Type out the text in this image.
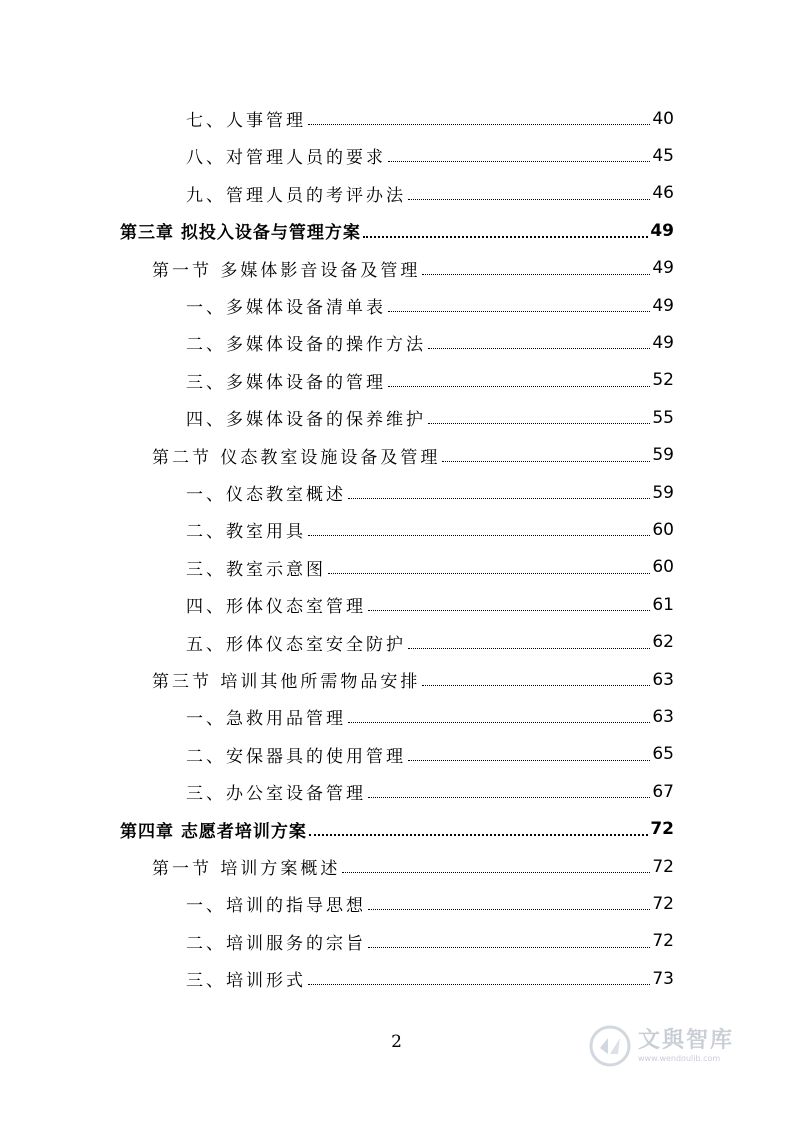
七、人事管理	40
八、对管理人员的要求	45
九、管理人员的考评办法	46
第三章 拟投入设备与管理方案	49
第一节 多媒体影音设备及管理	49
一、多媒体设备清单表	49
二、多媒体设备的操作方法	49
三、多媒体设备的管理	52
四、多媒体设备的保养维护	55
第二节 仪态教室设施设备及管理	59
一、仪态教室概述	59
二、教室用具	60
三、教室示意图	60
四、形体仪态室管理	61
五、形体仪态室安全防护	62
第三节 培训其他所需物品安排	63
一、急救用品管理	63
二、安保器具的使用管理	65
三、办公室设备管理	67
第四章 志愿者培训方案	72
第一节 培训方案概述	72
一、培训的指导思想	72
二、培训服务的宗旨	72
三、培训形式	73
2	文與智库
www.wendoulib.com
